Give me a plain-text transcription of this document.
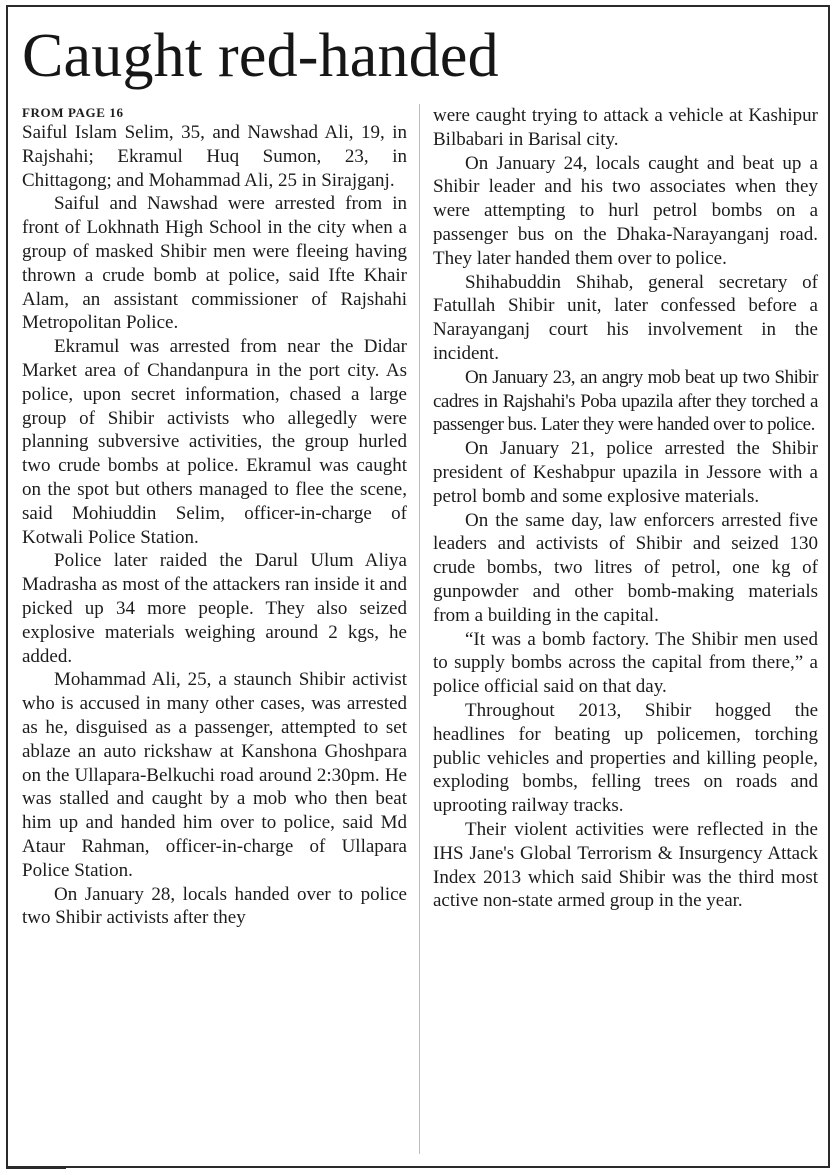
Caught red-handed

FROM PAGE 16

Saiful Islam Selim, 35, and Nawshad Ali, 19, in Rajshahi; Ekramul Huq Sumon, 23, in Chittagong; and Mohammad Ali, 25 in Sirajganj.

Saiful and Nawshad were arrested from in front of Lokhnath High School in the city when a group of masked Shibir men were fleeing having thrown a crude bomb at police, said Ifte Khair Alam, an assistant commissioner of Rajshahi Metropolitan Police.

Ekramul was arrested from near the Didar Market area of Chandanpura in the port city. As police, upon secret information, chased a large group of Shibir activists who allegedly were planning subversive activities, the group hurled two crude bombs at police. Ekramul was caught on the spot but others managed to flee the scene, said Mohiuddin Selim, officer-in-charge of Kotwali Police Station.

Police later raided the Darul Ulum Aliya Madrasha as most of the attackers ran inside it and picked up 34 more people. They also seized explosive materials weighing around 2 kgs, he added.

Mohammad Ali, 25, a staunch Shibir activist who is accused in many other cases, was arrested as he, disguised as a passenger, attempted to set ablaze an auto rickshaw at Kanshona Ghoshpara on the Ullapara-Belkuchi road around 2:30pm. He was stalled and caught by a mob who then beat him up and handed him over to police, said Md Ataur Rahman, officer-in-charge of Ullapara Police Station.

On January 28, locals handed over to police two Shibir activists after they

were caught trying to attack a vehicle at Kashipur Bilbabari in Barisal city.

On January 24, locals caught and beat up a Shibir leader and his two associates when they were attempting to hurl petrol bombs on a passenger bus on the Dhaka-Narayanganj road. They later handed them over to police.

Shihabuddin Shihab, general secretary of Fatullah Shibir unit, later confessed before a Narayanganj court his involvement in the incident.

On January 23, an angry mob beat up two Shibir cadres in Rajshahi's Poba upazila after they torched a passenger bus. Later they were handed over to police.

On January 21, police arrested the Shibir president of Keshabpur upazila in Jessore with a petrol bomb and some explosive materials.

On the same day, law enforcers arrested five leaders and activists of Shibir and seized 130 crude bombs, two litres of petrol, one kg of gunpowder and other bomb-making materials from a building in the capital.

“It was a bomb factory. The Shibir men used to supply bombs across the capital from there,” a police official said on that day.

Throughout 2013, Shibir hogged the headlines for beating up policemen, torching public vehicles and properties and killing people, exploding bombs, felling trees on roads and uprooting railway tracks.

Their violent activities were reflected in the IHS Jane's Global Terrorism & Insurgency Attack Index 2013 which said Shibir was the third most active non-state armed group in the year.
